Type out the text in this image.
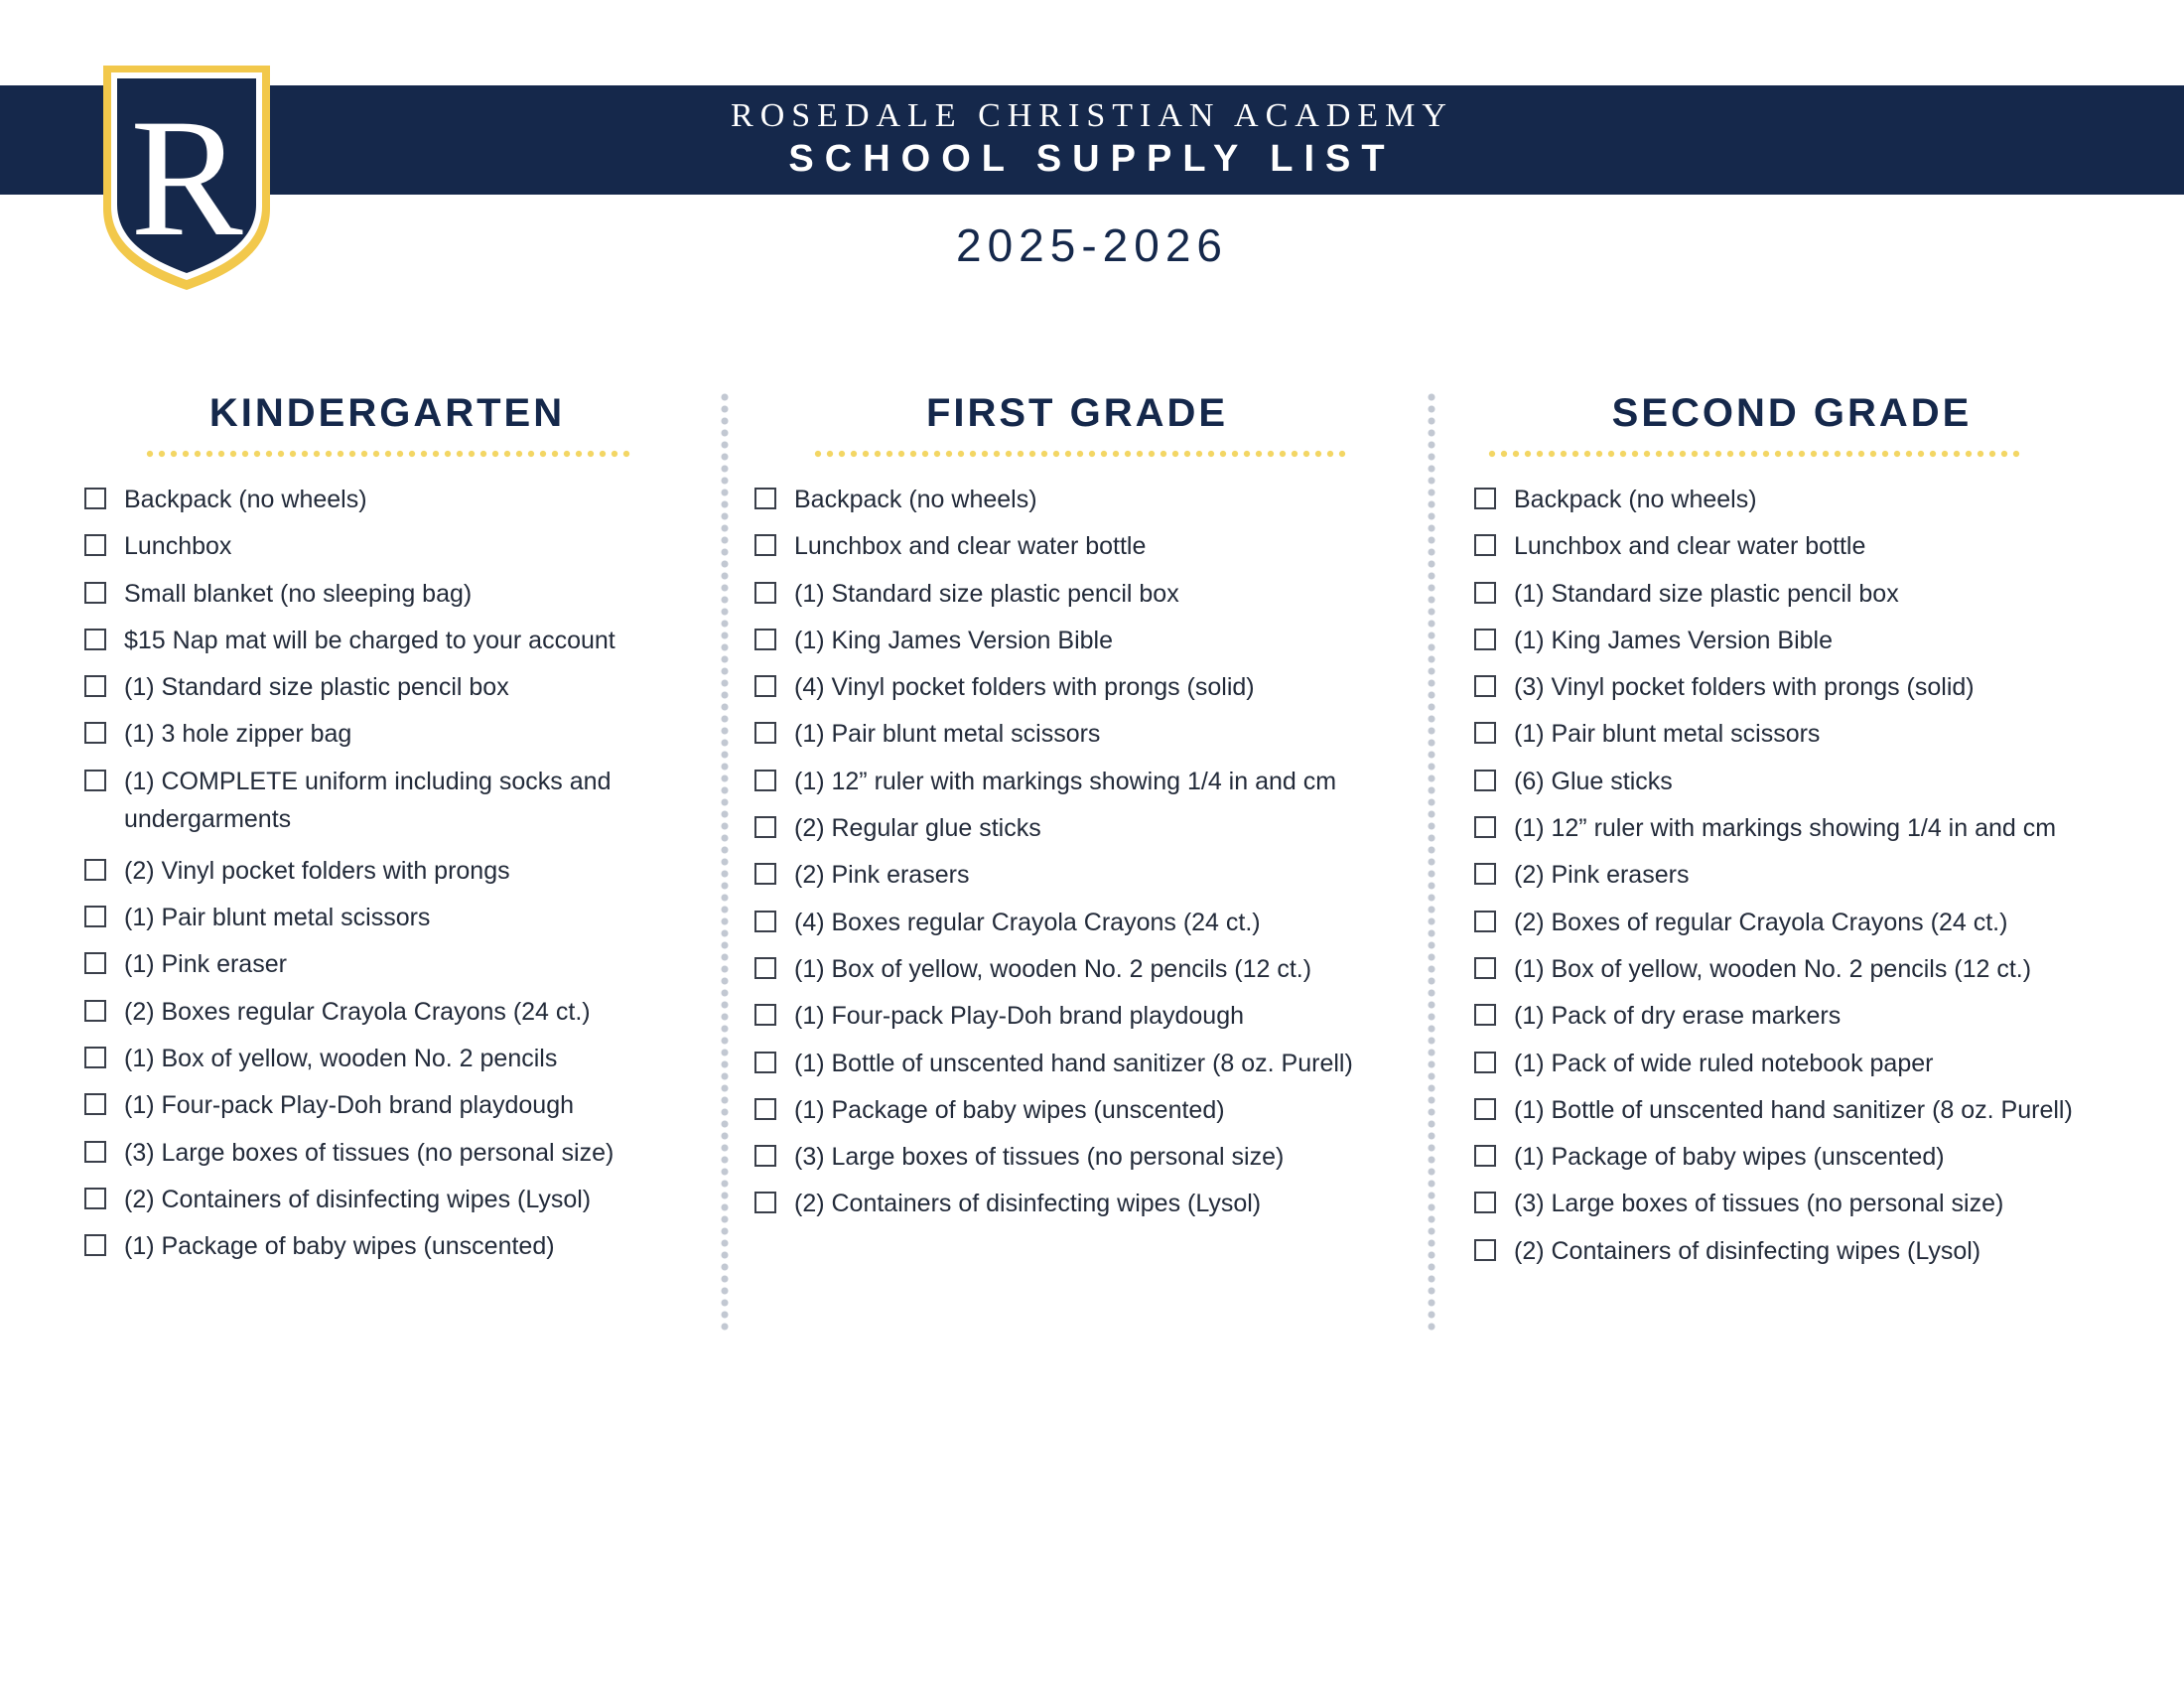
R	ROSEDALE CHRISTIAN ACADEMY
SCHOOL SUPPLY LIST
2025-2026
KINDERGARTEN
Backpack (no wheels)
Lunchbox
Small blanket (no sleeping bag)
$15 Nap mat will be charged to your account
(1) Standard size plastic pencil box
(1) 3 hole zipper bag
(1) COMPLETE uniform including socks and undergarments
(2) Vinyl pocket folders with prongs
(1) Pair blunt metal scissors
(1) Pink eraser
(2) Boxes regular Crayola Crayons (24 ct.)
(1) Box of yellow, wooden No. 2 pencils
(1) Four-pack Play-Doh brand playdough
(3) Large boxes of tissues (no personal size)
(2) Containers of disinfecting wipes (Lysol)
(1) Package of baby wipes (unscented)
FIRST GRADE
Backpack (no wheels)
Lunchbox and clear water bottle
(1) Standard size plastic pencil box
(1) King James Version Bible
(4) Vinyl pocket folders with prongs (solid)
(1) Pair blunt metal scissors
(1) 12” ruler with markings showing 1/4 in and cm
(2) Regular glue sticks
(2) Pink erasers
(4) Boxes regular Crayola Crayons (24 ct.)
(1) Box of yellow, wooden No. 2 pencils (12 ct.)
(1) Four-pack Play-Doh brand playdough
(1) Bottle of unscented hand sanitizer (8 oz. Purell)
(1) Package of baby wipes (unscented)
(3) Large boxes of tissues (no personal size)
(2) Containers of disinfecting wipes (Lysol)
SECOND GRADE
Backpack (no wheels)
Lunchbox and clear water bottle
(1) Standard size plastic pencil box
(1) King James Version Bible
(3) Vinyl pocket folders with prongs (solid)
(1) Pair blunt metal scissors
(6) Glue sticks
(1) 12” ruler with markings showing 1/4 in and cm
(2) Pink erasers
(2) Boxes of regular Crayola Crayons (24 ct.)
(1) Box of yellow, wooden No. 2 pencils (12 ct.)
(1) Pack of dry erase markers
(1) Pack of wide ruled notebook paper
(1) Bottle of unscented hand sanitizer (8 oz. Purell)
(1) Package of baby wipes (unscented)
(3) Large boxes of tissues (no personal size)
(2) Containers of disinfecting wipes (Lysol)
